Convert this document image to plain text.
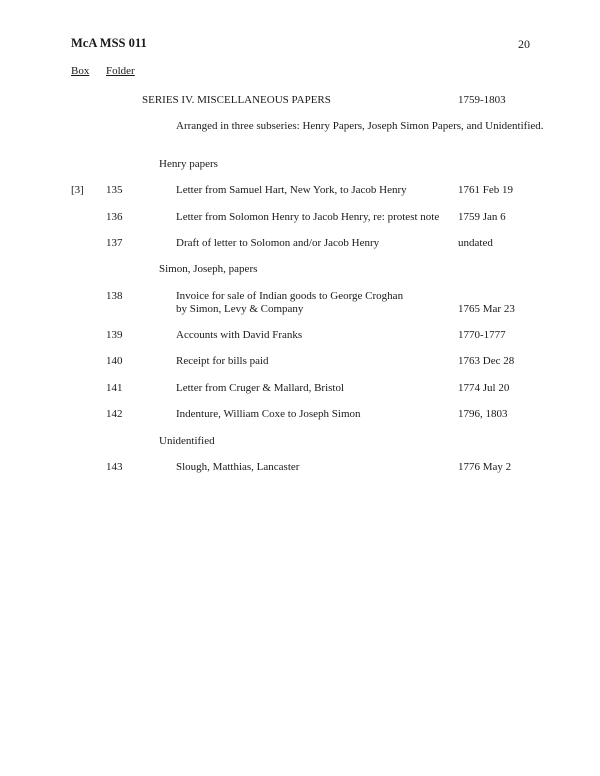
McA MSS 011	20
Box Folder
SERIES IV. MISCELLANEOUS PAPERS	1759-1803
Arranged in three subseries: Henry Papers, Joseph Simon Papers, and Unidentified.
Henry papers
[3] 135	Letter from Samuel Hart, New York, to Jacob Henry	1761 Feb 19
136	Letter from Solomon Henry to Jacob Henry, re: protest note 1759 Jan 6
137	Draft of letter to Solomon and/or Jacob Henry	undated
Simon, Joseph, papers
138	Invoice for sale of Indian goods to George Croghan
by Simon, Levy & Company	1765 Mar 23
139	Accounts with David Franks	1770-1777
140	Receipt for bills paid	1763 Dec 28
141	Letter from Cruger & Mallard, Bristol	1774 Jul 20
142	Indenture, William Coxe to Joseph Simon	1796, 1803
Unidentified
143	Slough, Matthias, Lancaster	1776 May 2
